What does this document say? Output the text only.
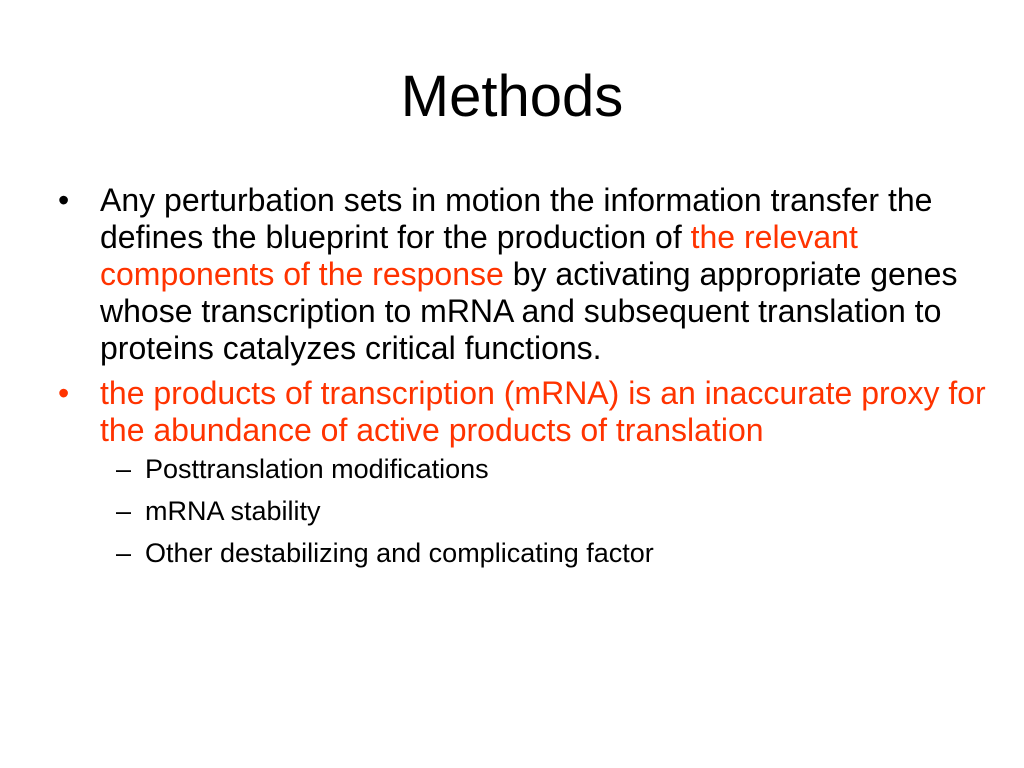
Methods
• Any perturbation sets in motion the information transfer the defines the blueprint for the production of the relevant components of the response by activating appropriate genes whose transcription to mRNA and subsequent translation to proteins catalyzes critical functions.
• the products of transcription (mRNA) is an inaccurate proxy for the abundance of active products of translation
– Posttranslation modifications
– mRNA stability
– Other destabilizing and complicating factor
